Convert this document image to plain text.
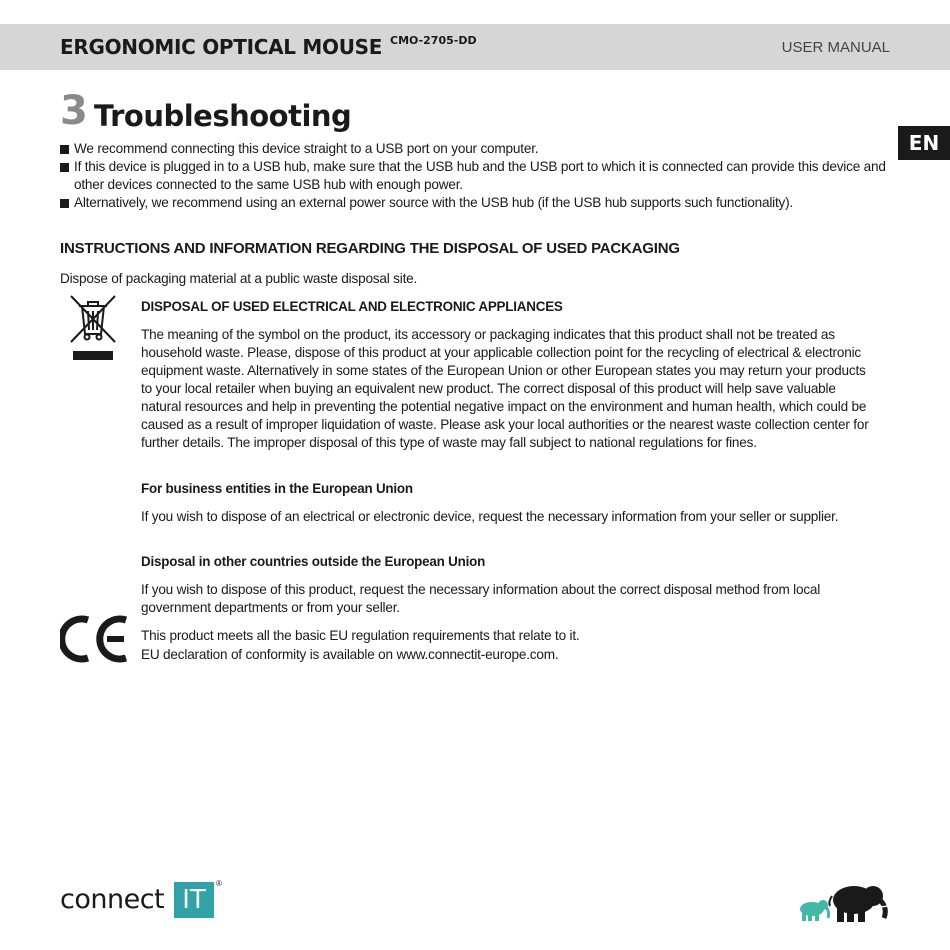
ERGONOMIC OPTICAL MOUSE CMO-2705-DD	USER MANUAL
EN
3 Troubleshooting
We recommend connecting this device straight to a USB port on your computer.
If this device is plugged in to a USB hub, make sure that the USB hub and the USB port to which it is connected can provide this device and other devices connected to the same USB hub with enough power.
Alternatively, we recommend using an external power source with the USB hub (if the USB hub supports such functionality).
INSTRUCTIONS AND INFORMATION REGARDING THE DISPOSAL OF USED PACKAGING
Dispose of packaging material at a public waste disposal site.
DISPOSAL OF USED ELECTRICAL AND ELECTRONIC APPLIANCES
The meaning of the symbol on the product, its accessory or packaging indicates that this product shall not be treated as household waste. Please, dispose of this product at your applicable collection point for the recycling of electrical & electronic equipment waste. Alternatively in some states of the European Union or other European states you may return your products to your local retailer when buying an equivalent new product. The correct disposal of this product will help save valuable natural resources and help in preventing the potential negative impact on the environment and human health, which could be caused as a result of improper liquidation of waste. Please ask your local authorities or the nearest waste collection center for further details. The improper disposal of this type of waste may fall subject to national regulations for fines.
For business entities in the European Union
If you wish to dispose of an electrical or electronic device, request the necessary information from your seller or supplier.
Disposal in other countries outside the European Union
If you wish to dispose of this product, request the necessary information about the correct disposal method from local government departments or from your seller.
This product meets all the basic EU regulation requirements that relate to it.
EU declaration of conformity is available on www.connectit-europe.com.
connect IT
®
